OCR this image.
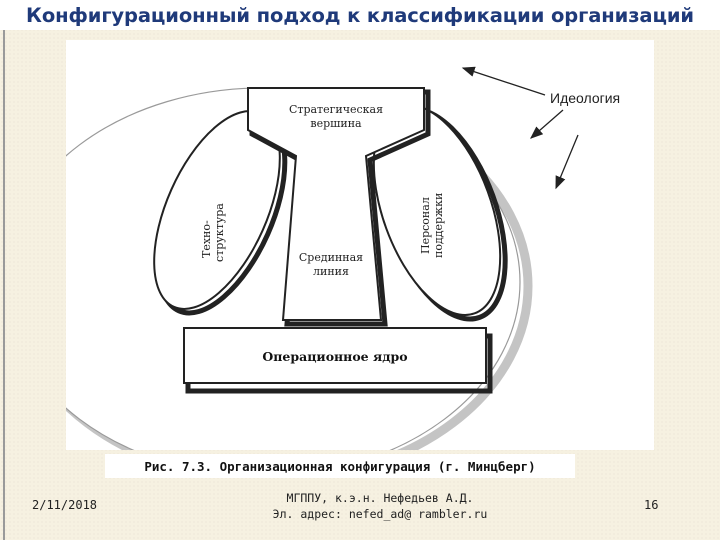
Конфигурационный подход к классификации организаций
Стратегическая
вершина
Срединная
линия
Техно- структура	Персонал поддержки
Операционное ядро
Идеология
Рис. 7.3. Организационная конфигурация (г. Минцберг)
2/11/2018	МГППУ, к.э.н. Нефедьев А.Д.
Эл. адрес: nefed_ad@ rambler.ru
16
